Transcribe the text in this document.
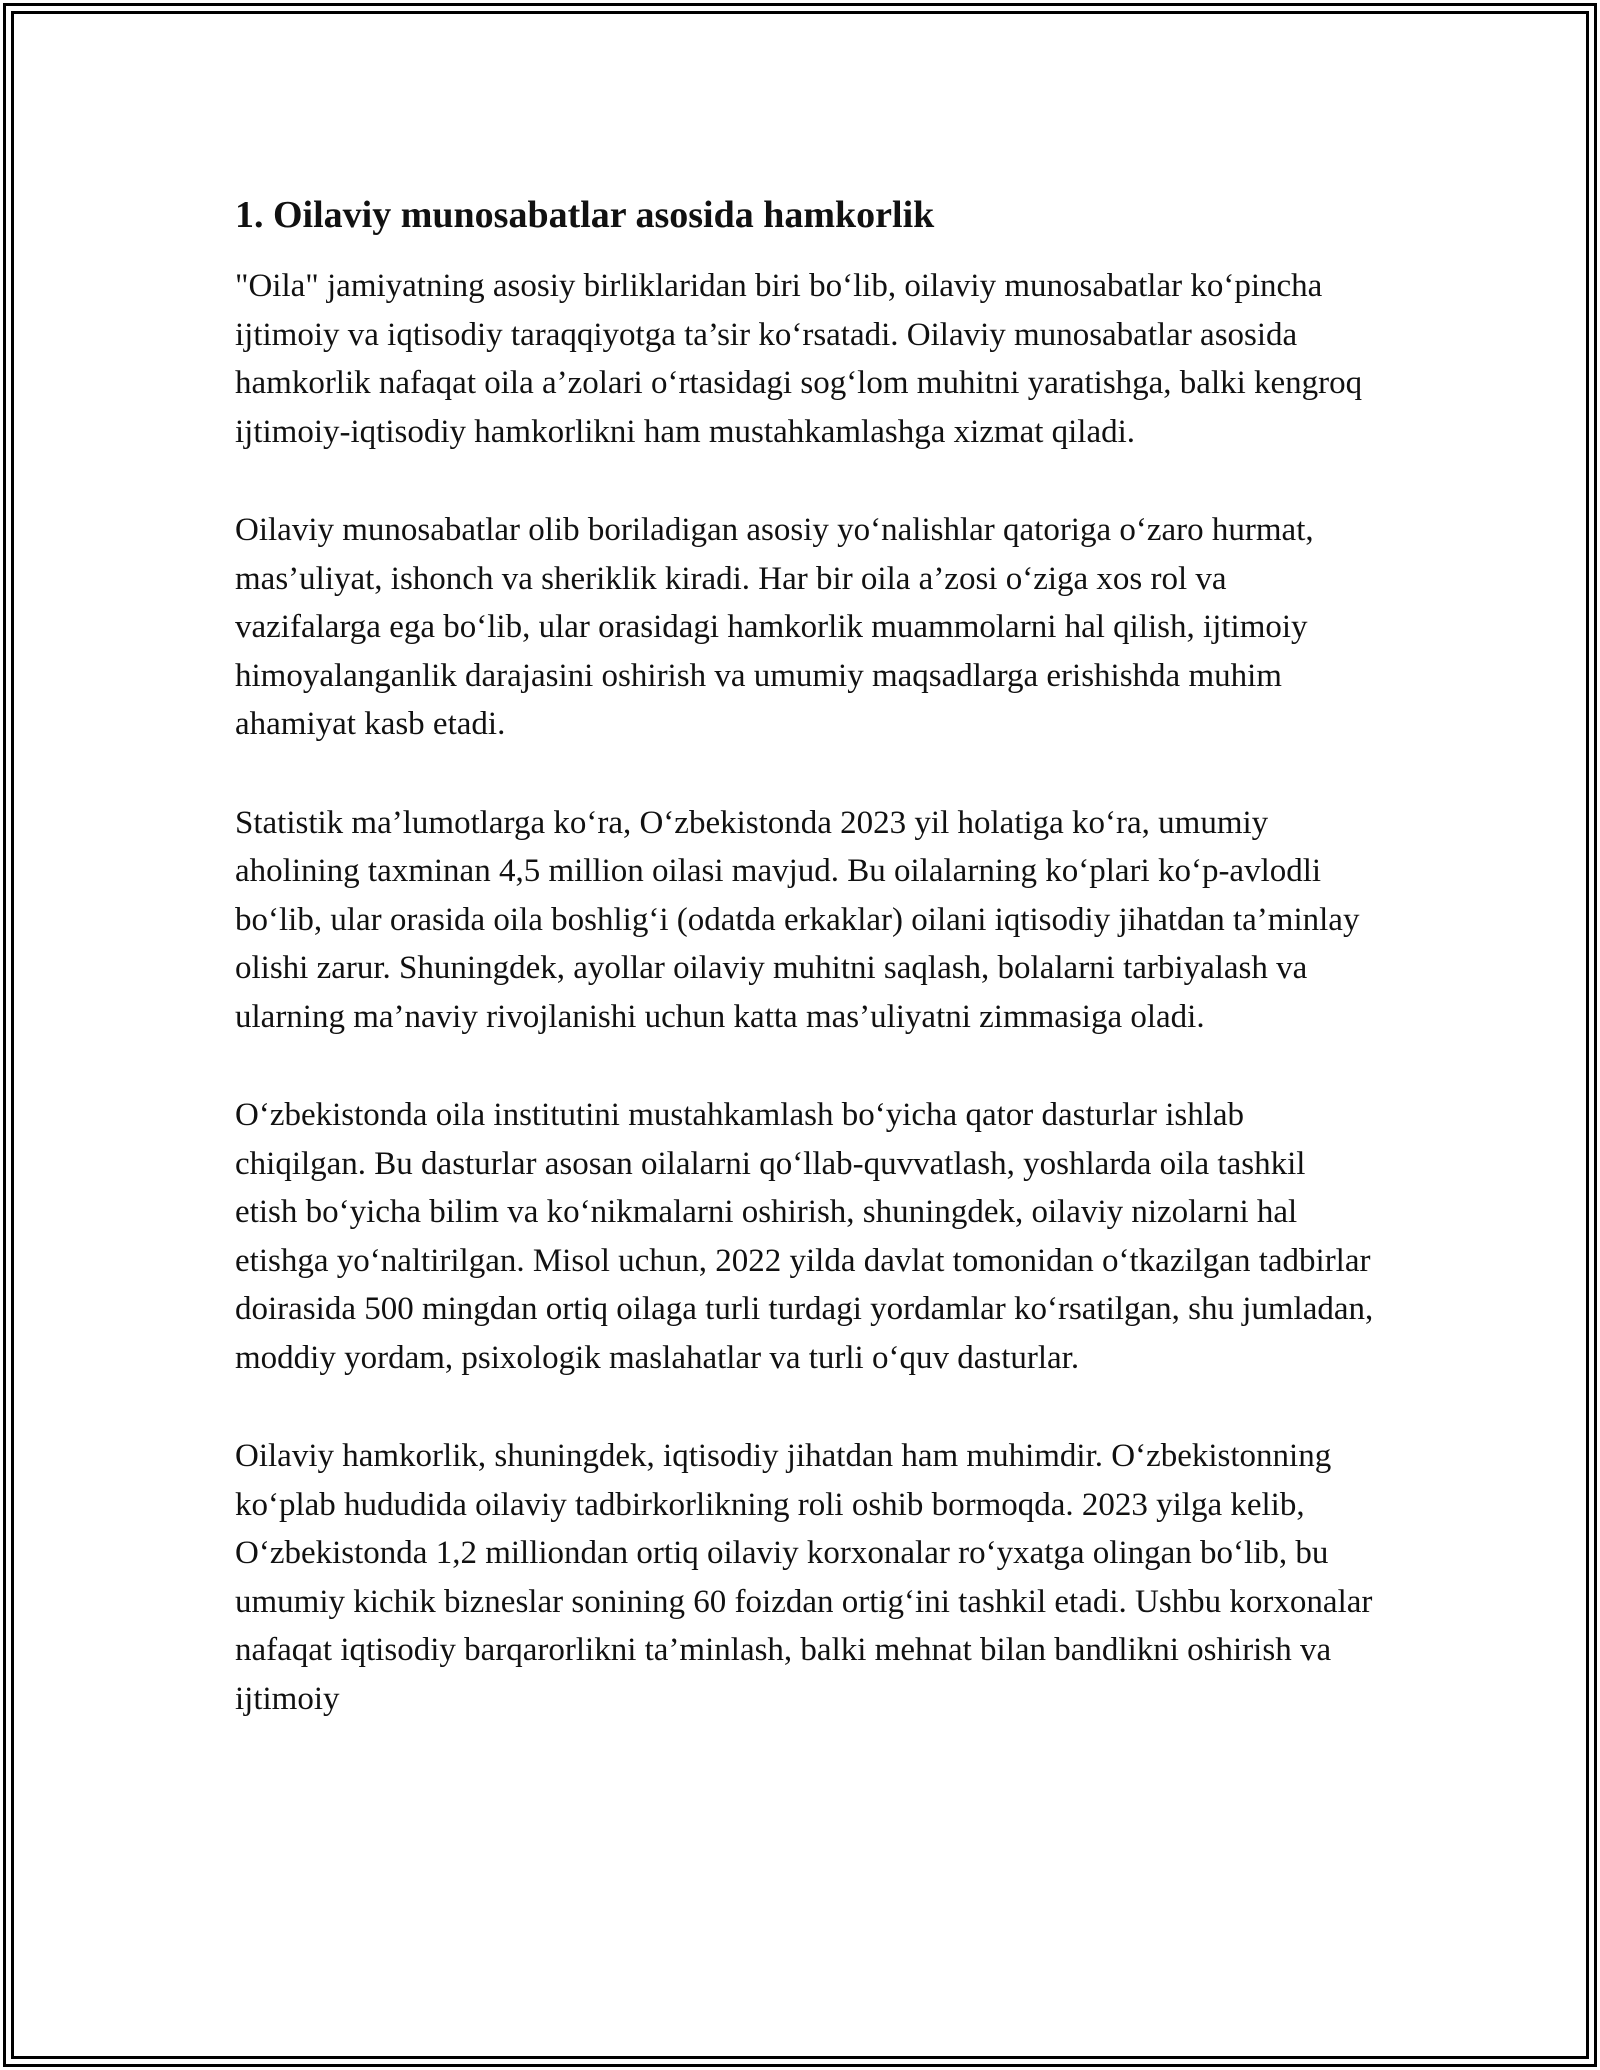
1. Oilaviy munosabatlar asosida hamkorlik

"Oila" jamiyatning asosiy birliklaridan biri bo‘lib, oilaviy munosabatlar ko‘pincha ijtimoiy va iqtisodiy taraqqiyotga ta’sir ko‘rsatadi. Oilaviy munosabatlar asosida hamkorlik nafaqat oila a’zolari o‘rtasidagi sog‘lom muhitni yaratishga, balki kengroq ijtimoiy-iqtisodiy hamkorlikni ham mustahkamlashga xizmat qiladi.

Oilaviy munosabatlar olib boriladigan asosiy yo‘nalishlar qatoriga o‘zaro hurmat, mas’uliyat, ishonch va sheriklik kiradi. Har bir oila a’zosi o‘ziga xos rol va vazifalarga ega bo‘lib, ular orasidagi hamkorlik muammolarni hal qilish, ijtimoiy himoyalanganlik darajasini oshirish va umumiy maqsadlarga erishishda muhim ahamiyat kasb etadi.

Statistik ma’lumotlarga ko‘ra, O‘zbekistonda 2023 yil holatiga ko‘ra, umumiy aholining taxminan 4,5 million oilasi mavjud. Bu oilalarning ko‘plari ko‘p-avlodli bo‘lib, ular orasida oila boshlig‘i (odatda erkaklar) oilani iqtisodiy jihatdan ta’minlay olishi zarur. Shuningdek, ayollar oilaviy muhitni saqlash, bolalarni tarbiyalash va ularning ma’naviy rivojlanishi uchun katta mas’uliyatni zimmasiga oladi.

O‘zbekistonda oila institutini mustahkamlash bo‘yicha qator dasturlar ishlab chiqilgan. Bu dasturlar asosan oilalarni qo‘llab-quvvatlash, yoshlarda oila tashkil etish bo‘yicha bilim va ko‘nikmalarni oshirish, shuningdek, oilaviy nizolarni hal etishga yo‘naltirilgan. Misol uchun, 2022 yilda davlat tomonidan o‘tkazilgan tadbirlar doirasida 500 mingdan ortiq oilaga turli turdagi yordamlar ko‘rsatilgan, shu jumladan, moddiy yordam, psixologik maslahatlar va turli o‘quv dasturlar.

Oilaviy hamkorlik, shuningdek, iqtisodiy jihatdan ham muhimdir. O‘zbekistonning ko‘plab hududida oilaviy tadbirkorlikning roli oshib bormoqda. 2023 yilga kelib, O‘zbekistonda 1,2 milliondan ortiq oilaviy korxonalar ro‘yxatga olingan bo‘lib, bu umumiy kichik bizneslar sonining 60 foizdan ortig‘ini tashkil etadi. Ushbu korxonalar nafaqat iqtisodiy barqarorlikni ta’minlash, balki mehnat bilan bandlikni oshirish va ijtimoiy
